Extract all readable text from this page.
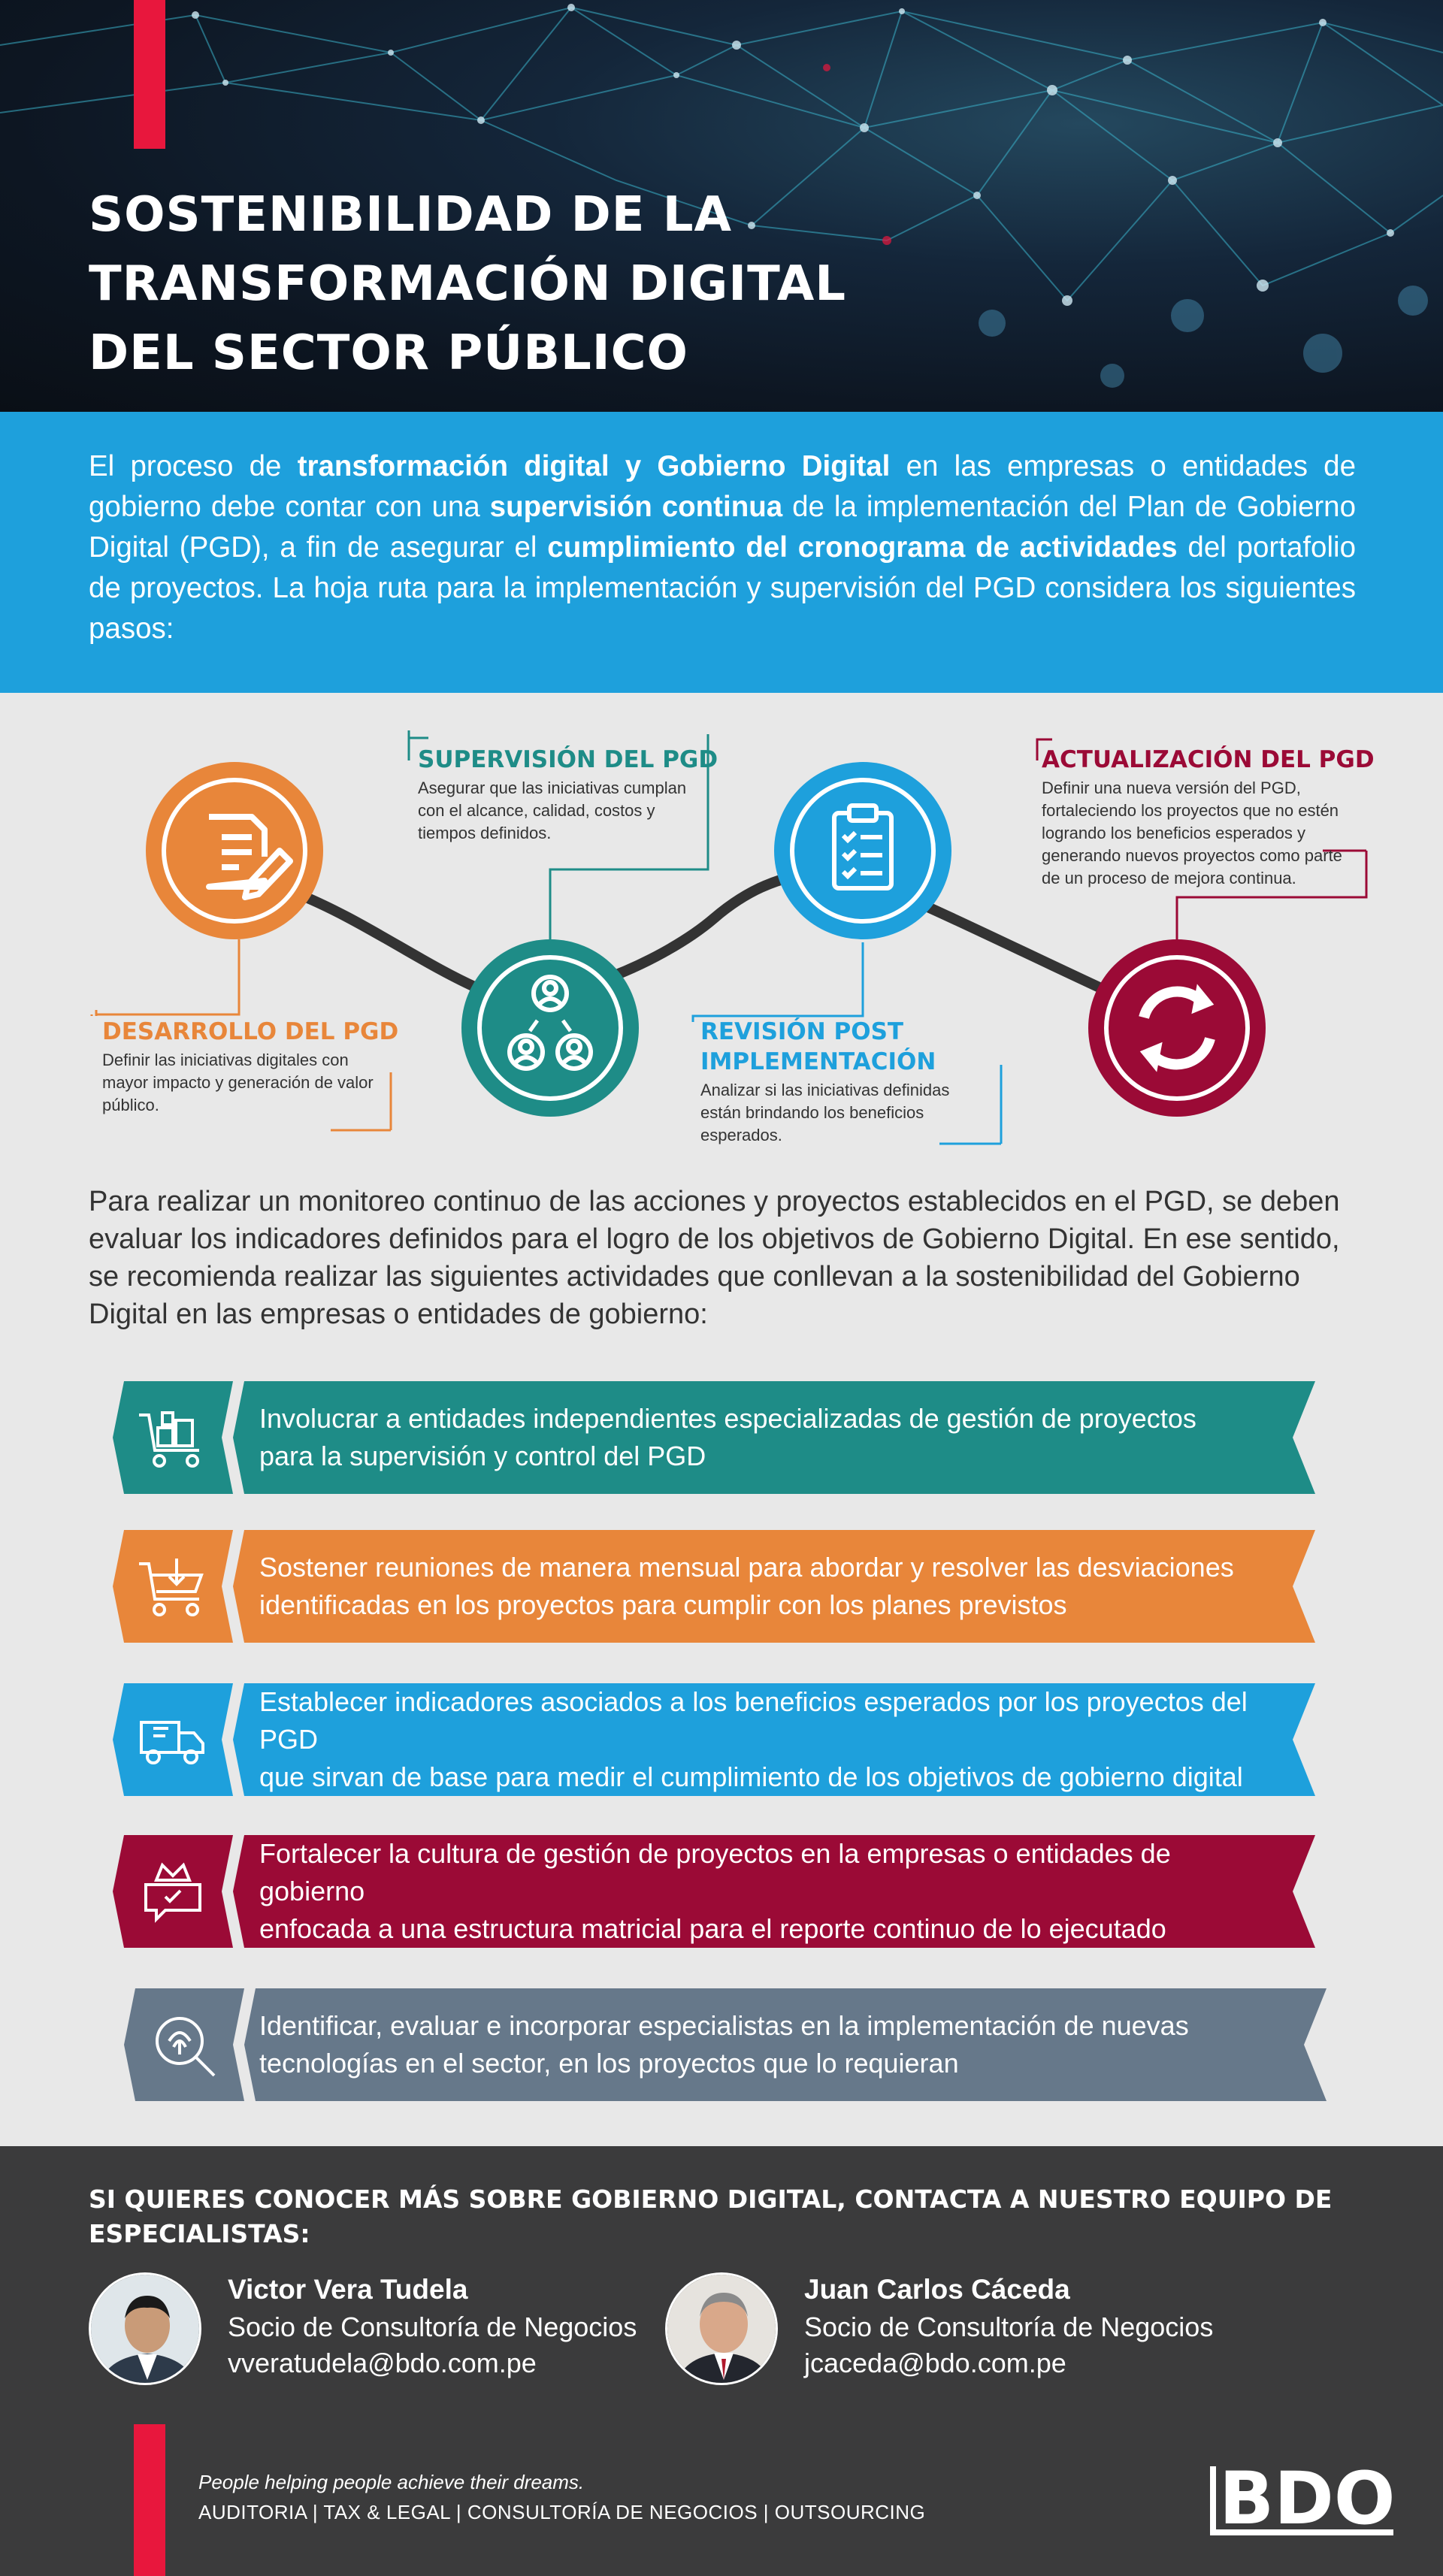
SOSTENIBILIDAD DE LA
TRANSFORMACIÓN DIGITAL
DEL SECTOR PÚBLICO

El proceso de transformación digital y Gobierno Digital en las empresas o entidades de gobierno debe contar con una supervisión continua de la implementación del Plan de Gobierno Digital (PGD), a fin de asegurar el cumplimiento del cronograma de actividades del portafolio de proyectos. La hoja ruta para la implementación y supervisión del PGD considera los siguientes pasos:

DESARROLLO DEL PGD
Definir las iniciativas digitales con mayor impacto y generación de valor público.
SUPERVISIÓN DEL PGD
Asegurar que las iniciativas cumplan con el alcance, calidad, costos y tiempos definidos.
REVISIÓN POST
IMPLEMENTACIÓN
Analizar si las iniciativas definidas están brindando los beneficios esperados.
ACTUALIZACIÓN DEL PGD
Definir una nueva versión del PGD, fortaleciendo los proyectos que no estén logrando los beneficios esperados y generando nuevos proyectos como parte de un proceso de mejora continua.
Para realizar un monitoreo continuo de las acciones y proyectos establecidos en el PGD, se deben evaluar los indicadores definidos para el logro de los objetivos de Gobierno Digital. En ese sentido, se recomienda realizar las siguientes actividades que conllevan a la sostenibilidad del Gobierno Digital en las empresas o entidades de gobierno:
Involucrar a entidades independientes especializadas de gestión de proyectos
para la supervisión y control del PGD
Sostener reuniones de manera mensual para abordar y resolver las desviaciones
identificadas en los proyectos para cumplir con los planes previstos
Establecer indicadores asociados a los beneficios esperados por los proyectos del PGD
que sirvan de base para medir el cumplimiento de los objetivos de gobierno digital
Fortalecer la cultura de gestión de proyectos en la empresas o entidades de gobierno
enfocada a una estructura matricial para el reporte continuo de lo ejecutado
Identificar, evaluar e incorporar especialistas en la implementación de nuevas
tecnologías en el sector, en los proyectos que lo requieran
SI QUIERES CONOCER MÁS SOBRE GOBIERNO DIGITAL, CONTACTA A NUESTRO EQUIPO DE ESPECIALISTAS:
Victor Vera Tudela
Socio de Consultoría de Negocios
vveratudela@bdo.com.pe
Juan Carlos Cáceda
Socio de Consultoría de Negocios
jcaceda@bdo.com.pe
People helping people achieve their dreams.
AUDITORIA | TAX & LEGAL | CONSULTORÍA DE NEGOCIOS | OUTSOURCING	BDO
